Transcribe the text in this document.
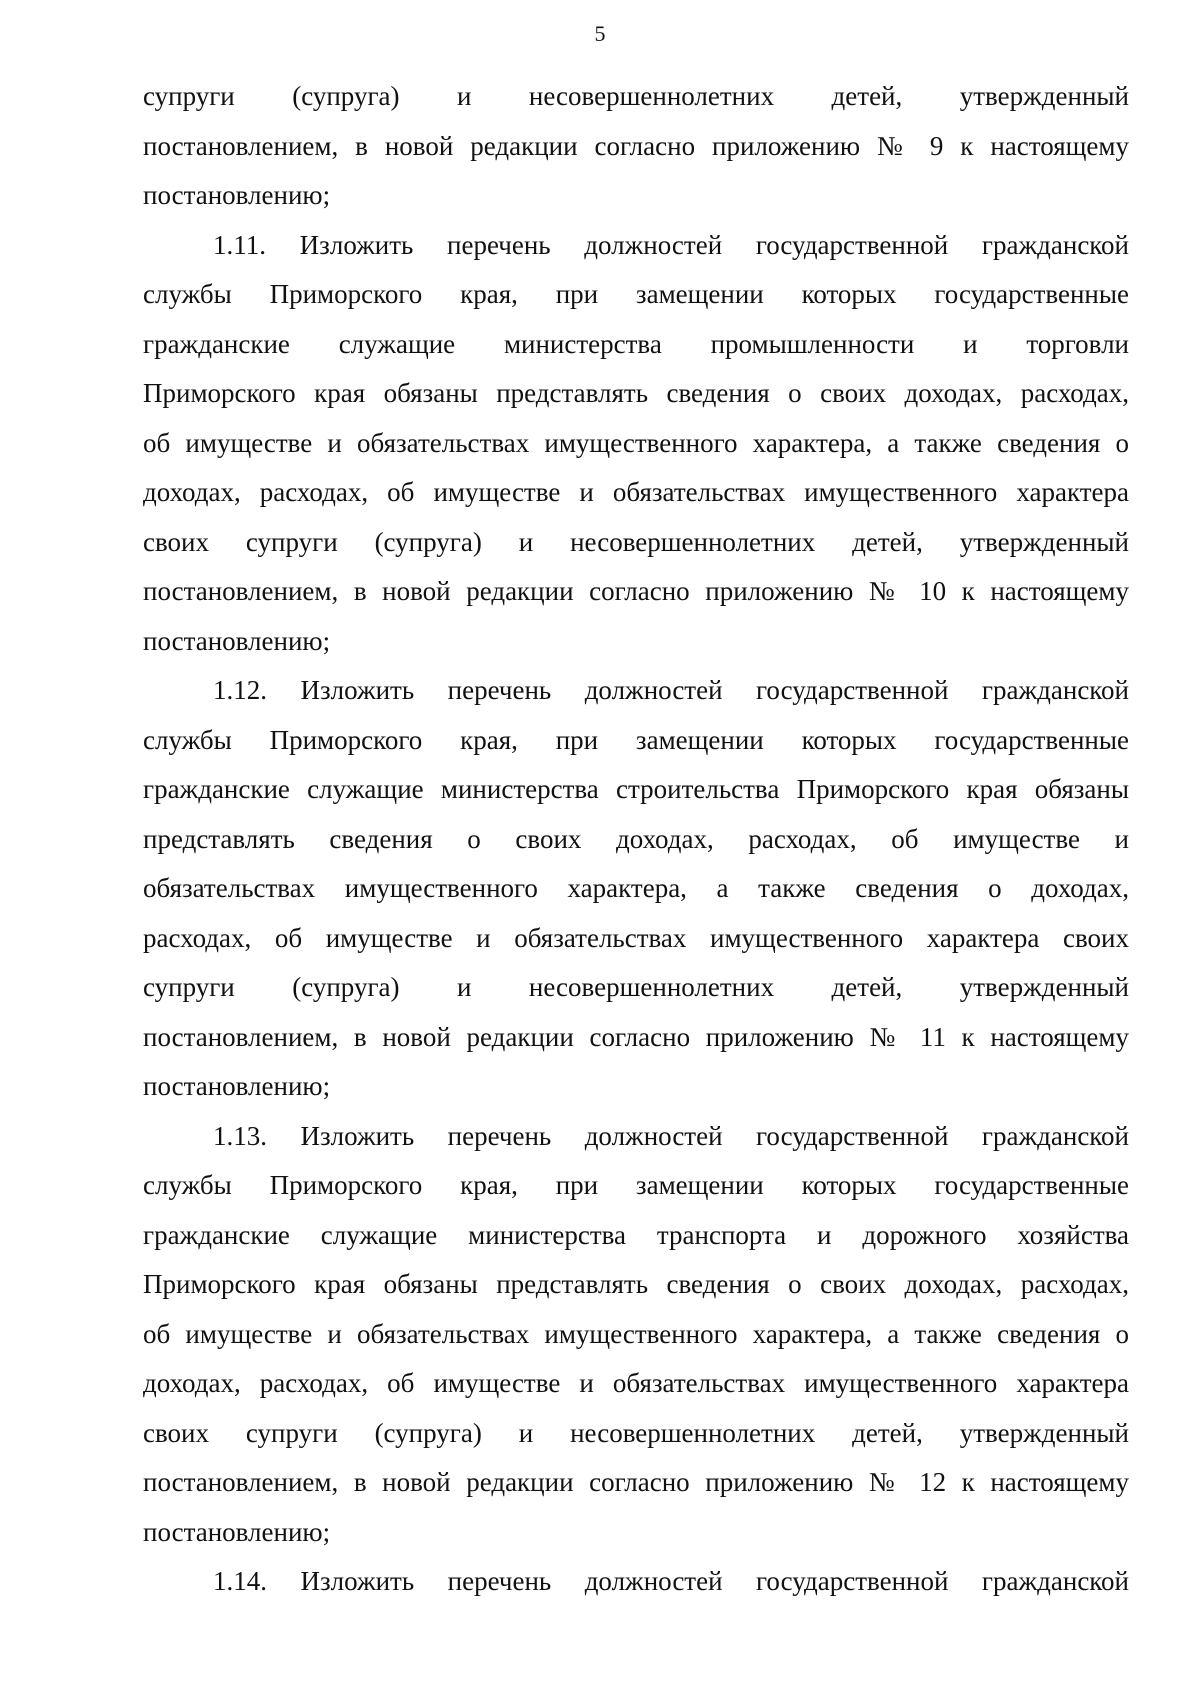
5

супруги (супруга) и несовершеннолетних детей, утвержденный
постановлением, в новой редакции согласно приложению № 9 к настоящему
постановлению;

1.11. Изложить перечень должностей государственной гражданской
службы Приморского края, при замещении которых государственные
гражданские служащие министерства промышленности и торговли
Приморского края обязаны представлять сведения о своих доходах, расходах,
об имуществе и обязательствах имущественного характера, а также сведения о
доходах, расходах, об имуществе и обязательствах имущественного характера
своих супруги (супруга) и несовершеннолетних детей, утвержденный
постановлением, в новой редакции согласно приложению № 10 к настоящему
постановлению;

1.12. Изложить перечень должностей государственной гражданской
службы Приморского края, при замещении которых государственные
гражданские служащие министерства строительства Приморского края обязаны
представлять сведения о своих доходах, расходах, об имуществе и
обязательствах имущественного характера, а также сведения о доходах,
расходах, об имуществе и обязательствах имущественного характера своих
супруги (супруга) и несовершеннолетних детей, утвержденный
постановлением, в новой редакции согласно приложению № 11 к настоящему
постановлению;

1.13. Изложить перечень должностей государственной гражданской
службы Приморского края, при замещении которых государственные
гражданские служащие министерства транспорта и дорожного хозяйства
Приморского края обязаны представлять сведения о своих доходах, расходах,
об имуществе и обязательствах имущественного характера, а также сведения о
доходах, расходах, об имуществе и обязательствах имущественного характера
своих супруги (супруга) и несовершеннолетних детей, утвержденный
постановлением, в новой редакции согласно приложению № 12 к настоящему
постановлению;

1.14. Изложить перечень должностей государственной гражданской
